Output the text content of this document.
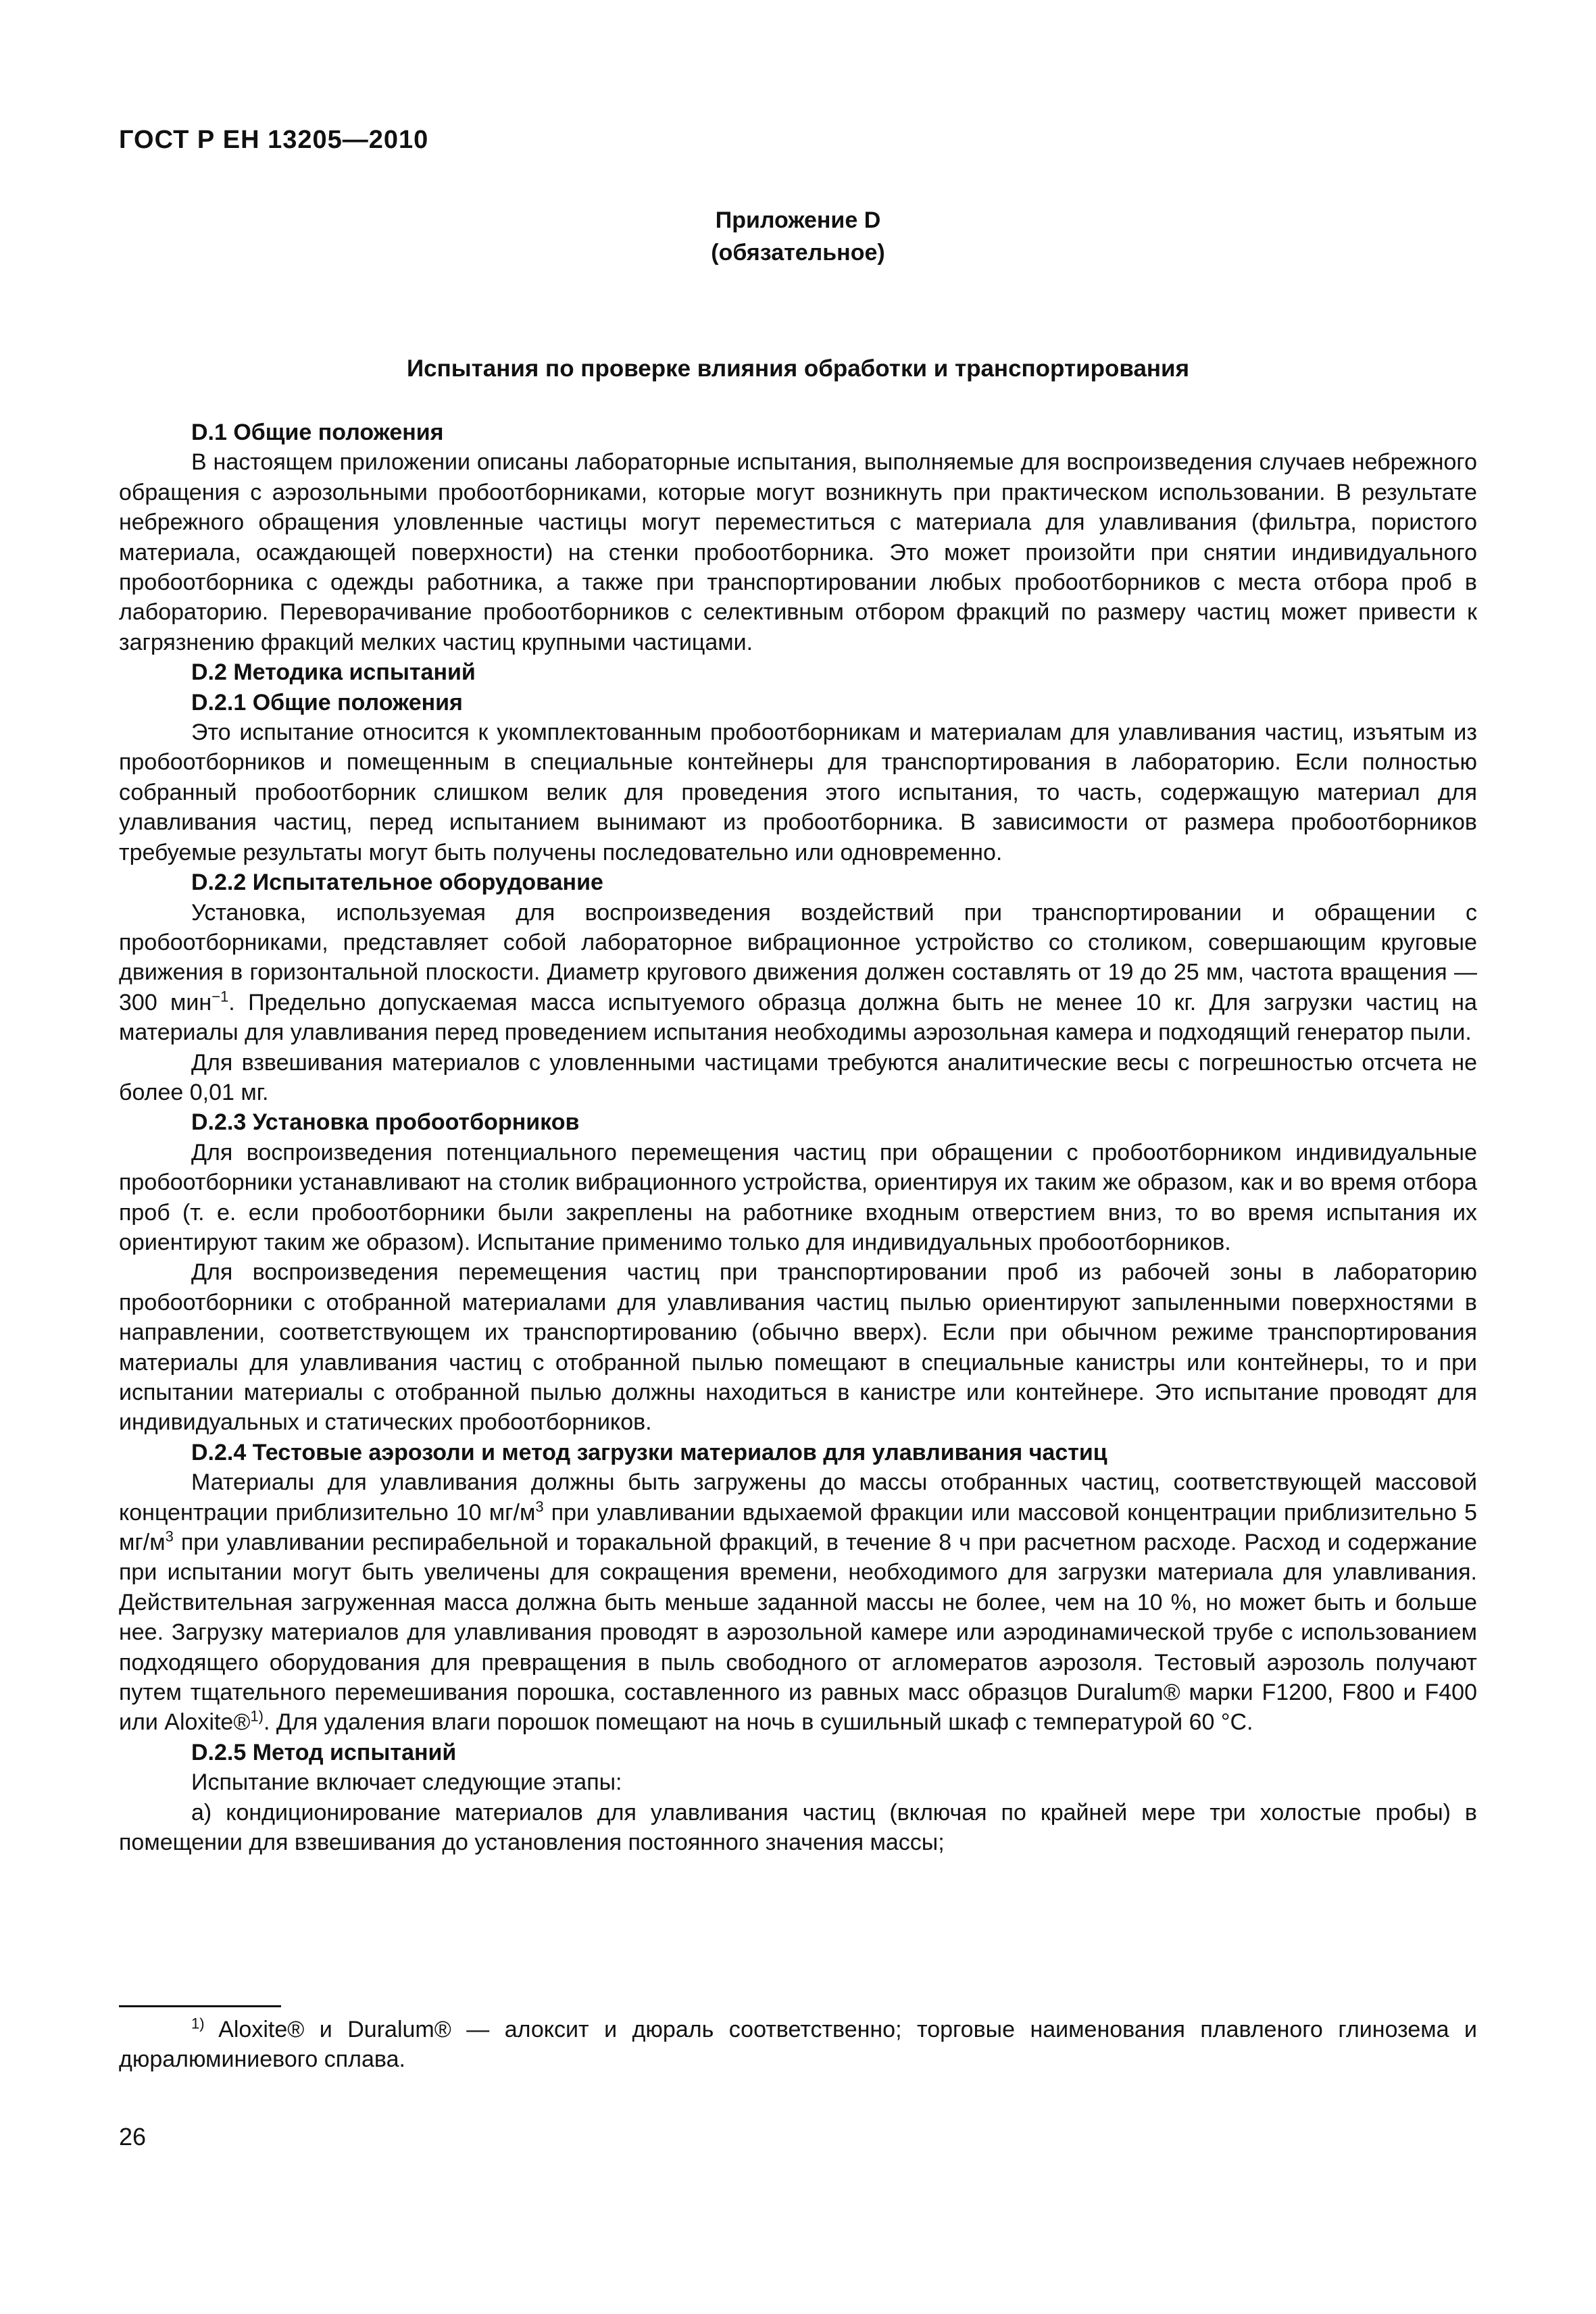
ГОСТ Р ЕН 13205—2010
Приложение D
(обязательное)
Испытания по проверке влияния обработки и транспортирования

D.1 Общие положения

В настоящем приложении описаны лабораторные испытания, выполняемые для воспроизведения случаев небрежного обращения с аэрозольными пробоотборниками, которые могут возникнуть при практическом использовании. В результате небрежного обращения уловленные частицы могут переместиться с материала для улавливания (фильтра, пористого материала, осаждающей поверхности) на стенки пробоотборника. Это может произойти при снятии индивидуального пробоотборника с одежды работника, а также при транспортировании любых пробоотборников с места отбора проб в лабораторию. Переворачивание пробоотборников с селективным отбором фракций по размеру частиц может привести к загрязнению фракций мелких частиц крупными частицами.

D.2 Методика испытаний

D.2.1 Общие положения

Это испытание относится к укомплектованным пробоотборникам и материалам для улавливания частиц, изъятым из пробоотборников и помещенным в специальные контейнеры для транспортирования в лабораторию. Если полностью собранный пробоотборник слишком велик для проведения этого испытания, то часть, содержащую материал для улавливания частиц, перед испытанием вынимают из пробоотборника. В зависимости от размера пробоотборников требуемые результаты могут быть получены последовательно или одновременно.

D.2.2 Испытательное оборудование

Установка, используемая для воспроизведения воздействий при транспортировании и обращении с пробоотборниками, представляет собой лабораторное вибрационное устройство со столиком, совершающим круговые движения в горизонтальной плоскости. Диаметр кругового движения должен составлять от 19 до 25 мм, частота вращения — 300 мин$^{-1}$. Предельно допускаемая масса испытуемого образца должна быть не менее 10 кг. Для загрузки частиц на материалы для улавливания перед проведением испытания необходимы аэрозольная камера и подходящий генератор пыли.

Для взвешивания материалов с уловленными частицами требуются аналитические весы с погрешностью отсчета не более 0,01 мг.

D.2.3 Установка пробоотборников

Для воспроизведения потенциального перемещения частиц при обращении с пробоотборником индивидуальные пробоотборники устанавливают на столик вибрационного устройства, ориентируя их таким же образом, как и во время отбора проб (т. е. если пробоотборники были закреплены на работнике входным отверстием вниз, то во время испытания их ориентируют таким же образом). Испытание применимо только для индивидуальных пробоотборников.

Для воспроизведения перемещения частиц при транспортировании проб из рабочей зоны в лабораторию пробоотборники с отобранной материалами для улавливания частиц пылью ориентируют запыленными поверхностями в направлении, соответствующем их транспортированию (обычно вверх). Если при обычном режиме транспортирования материалы для улавливания частиц с отобранной пылью помещают в специальные канистры или контейнеры, то и при испытании материалы с отобранной пылью должны находиться в канистре или контейнере. Это испытание проводят для индивидуальных и статических пробоотборников.

D.2.4 Тестовые аэрозоли и метод загрузки материалов для улавливания частиц

Материалы для улавливания должны быть загружены до массы отобранных частиц, соответствующей массовой концентрации приблизительно 10 $мг/м^3$ при улавливании вдыхаемой фракции или массовой концентрации приблизительно 5 $мг/м^3$ при улавливании респирабельной и торакальной фракций, в течение 8 ч при расчетном расходе. Расход и содержание при испытании могут быть увеличены для сокращения времени, необходимого для загрузки материала для улавливания. Действительная загруженная масса должна быть меньше заданной массы не более, чем на 10 %, но может быть и больше нее. Загрузку материалов для улавливания проводят в аэрозольной камере или аэродинамической трубе с использованием подходящего оборудования для превращения в пыль свободного от агломератов аэрозоля. Тестовый аэрозоль получают путем тщательного перемешивания порошка, составленного из равных масс образцов Duralum® марки F1200, F800 и F400 или Aloxite®$^{1)}$. Для удаления влаги порошок помещают на ночь в сушильный шкаф с температурой 60 °С.

D.2.5 Метод испытаний

Испытание включает следующие этапы:

а) кондиционирование материалов для улавливания частиц (включая по крайней мере три холостые пробы) в помещении для взвешивания до установления постоянного значения массы;

$^{1)}$ Aloxite® и Duralum® — алоксит и дюраль соответственно; торговые наименования плавленого глинозема и дюралюминиевого сплава.
26
